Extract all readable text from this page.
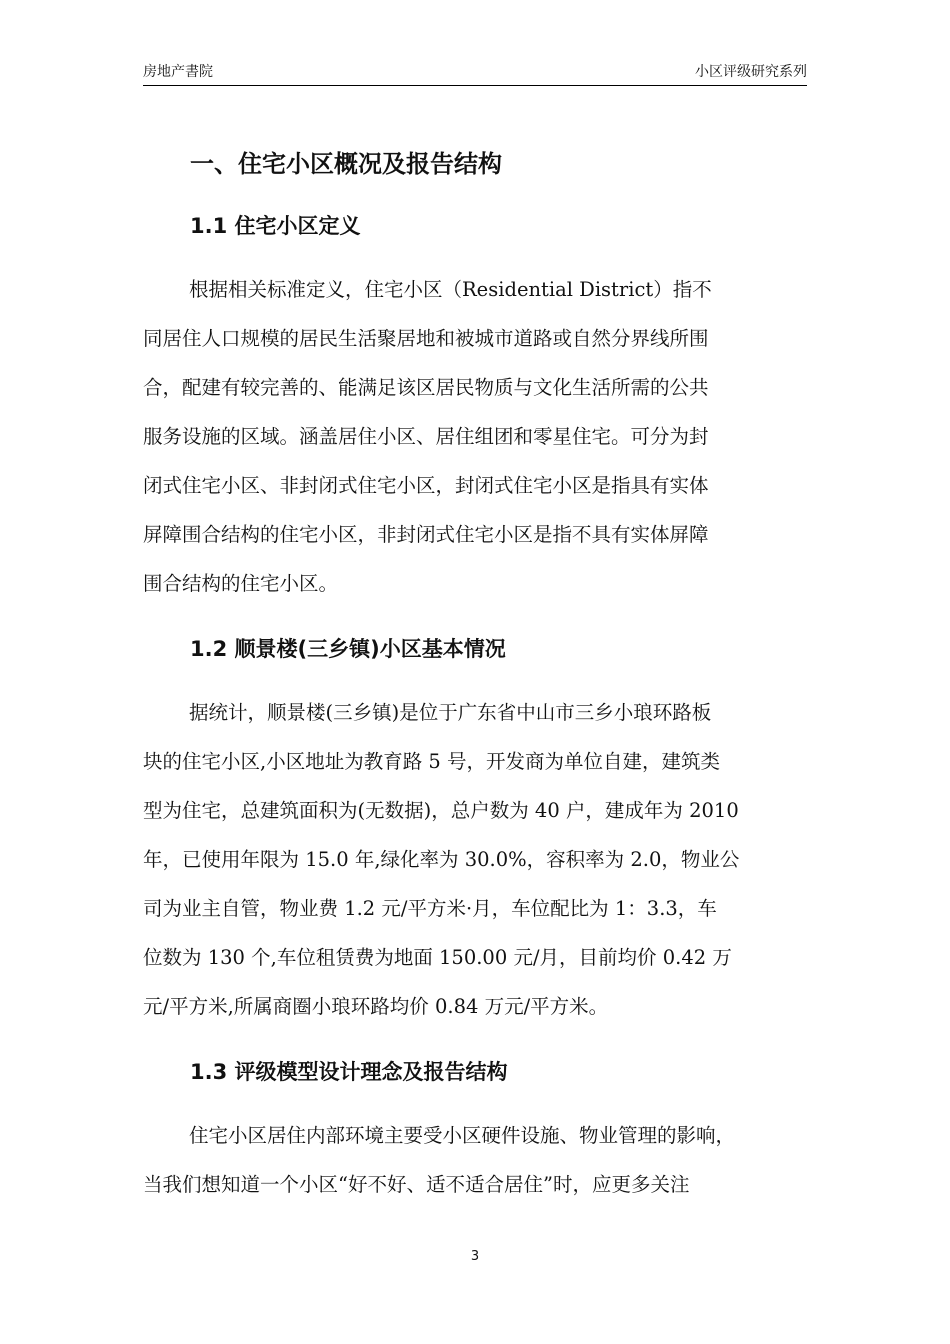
房地产書院	小区评级研究系列
一、住宅小区概况及报告结构
1.1 住宅小区定义
根据相关标准定义，住宅小区（Residential District）指不
同居住人口规模的居民生活聚居地和被城市道路或自然分界线所围
合，配建有较完善的、能满足该区居民物质与文化生活所需的公共
服务设施的区域。涵盖居住小区、居住组团和零星住宅。可分为封
闭式住宅小区、非封闭式住宅小区，封闭式住宅小区是指具有实体
屏障围合结构的住宅小区，非封闭式住宅小区是指不具有实体屏障
围合结构的住宅小区。
1.2 顺景楼(三乡镇)小区基本情况
据统计，顺景楼(三乡镇)是位于广东省中山市三乡小琅环路板
块的住宅小区,小区地址为教育路 5 号，开发商为单位自建，建筑类
型为住宅，总建筑面积为(无数据)，总户数为 40 户，建成年为 2010
年，已使用年限为 15.0 年,绿化率为 30.0%，容积率为 2.0，物业公
司为业主自管，物业费 1.2 元/平方米·月，车位配比为 1：3.3，车
位数为 130 个,车位租赁费为地面 150.00 元/月，目前均价 0.42 万
元/平方米,所属商圈小琅环路均价 0.84 万元/平方米。
1.3 评级模型设计理念及报告结构
住宅小区居住内部环境主要受小区硬件设施、物业管理的影响，
当我们想知道一个小区“好不好、适不适合居住”时，应更多关注
3
